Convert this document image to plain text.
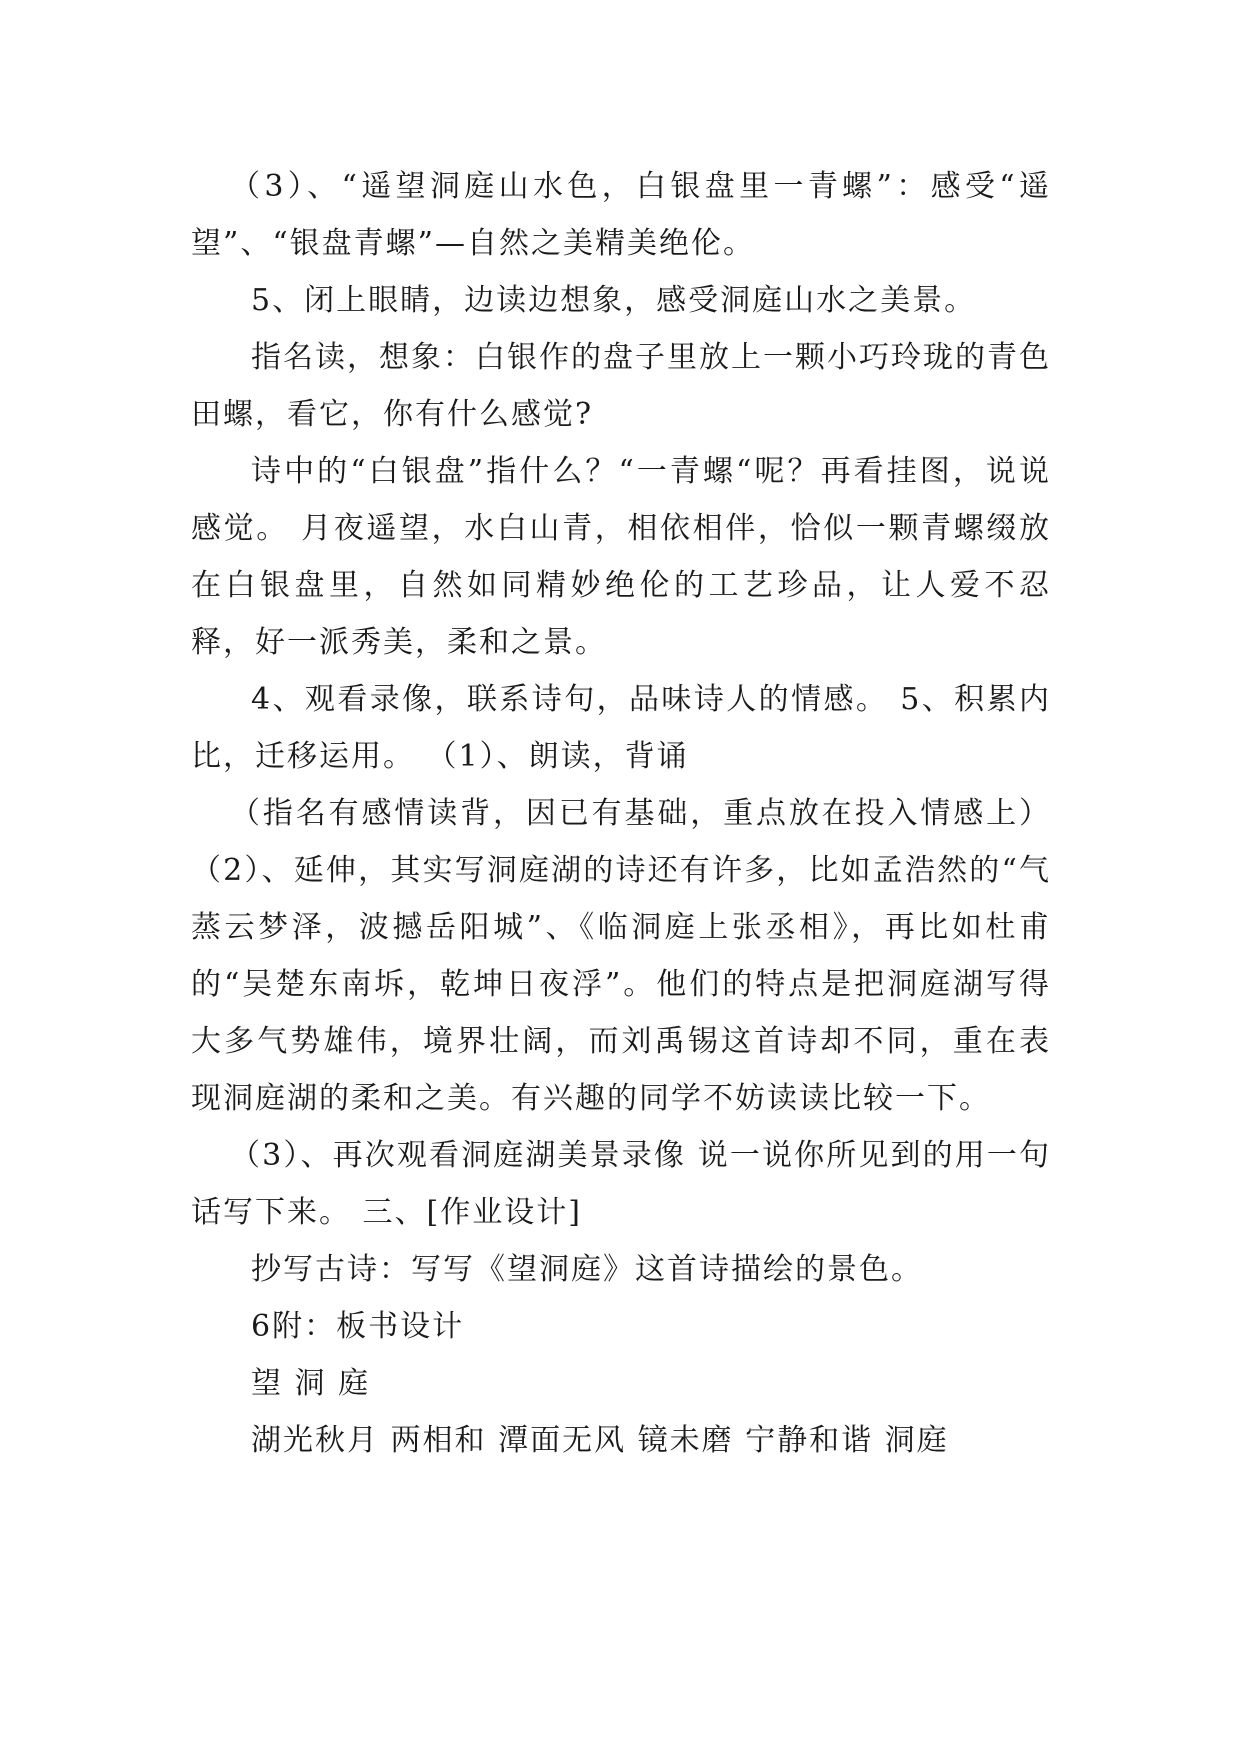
（3）、“遥望洞庭山水色，白银盘里一青螺”：感受“遥望”、“银盘青螺”—自然之美精美绝伦。

5、闭上眼睛，边读边想象，感受洞庭山水之美景。

指名读，想象：白银作的盘子里放上一颗小巧玲珑的青色田螺，看它，你有什么感觉?

诗中的“白银盘”指什么？“一青螺“呢？再看挂图，说说感觉。 月夜遥望，水白山青，相依相伴，恰似一颗青螺缀放在白银盘里，自然如同精妙绝伦的工艺珍品，让人爱不忍释，好一派秀美，柔和之景。

4、观看录像，联系诗句，品味诗人的情感。 5、积累内比，迁移运用。 （1）、朗读，背诵

（指名有感情读背，因已有基础，重点放在投入情感上）（2）、延伸，其实写洞庭湖的诗还有许多，比如孟浩然的“气蒸云梦泽，波撼岳阳城”、《临洞庭上张丞相》，再比如杜甫的“吴楚东南坼，乾坤日夜浮”。他们的特点是把洞庭湖写得大多气势雄伟，境界壮阔，而刘禹锡这首诗却不同，重在表现洞庭湖的柔和之美。有兴趣的同学不妨读读比较一下。

（3）、再次观看洞庭湖美景录像 说一说你所见到的用一句话写下来。 三、[作业设计]

抄写古诗：写写《望洞庭》这首诗描绘的景色。

6附：板书设计

望 洞 庭

湖光秋月 两相和 潭面无风 镜未磨 宁静和谐 洞庭
